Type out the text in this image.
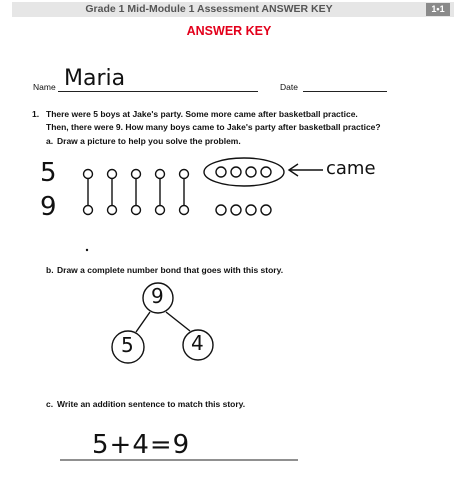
Grade 1 Mid-Module 1 Assessment ANSWER KEY	1•1
ANSWER KEY
Name Maria	Date
1. There were 5 boys at Jake's party. Some more came after basketball practice.
Then, there were 9. How many boys came to Jake's party after basketball practice?
a. Draw a picture to help you solve the problem.
5
9
came
b. Draw a complete number bond that goes with this story.
9
5	4
c. Write an addition sentence to match this story.
5+4=9
